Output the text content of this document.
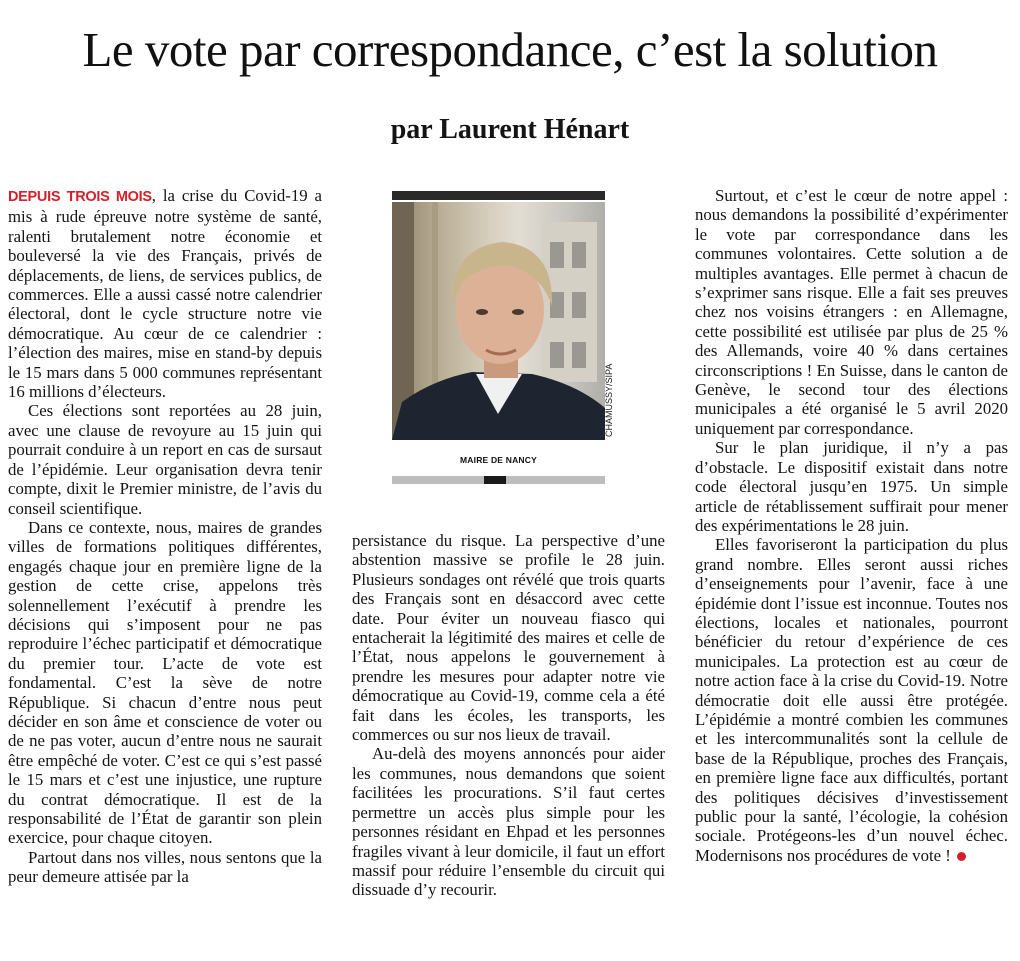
Le vote par correspondance, c’est la solution
par Laurent Hénart

DEPUIS TROIS MOIS, la crise du Covid-19 a mis à rude épreuve notre système de santé, ralenti brutalement notre économie et bouleversé la vie des Français, privés de déplacements, de liens, de services publics, de commerces. Elle a aussi cassé notre calendrier électoral, dont le cycle structure notre vie démocratique. Au cœur de ce calendrier : l’élection des maires, mise en stand-by depuis le 15 mars dans 5 000 communes représentant 16 millions d’électeurs.

Ces élections sont reportées au 28 juin, avec une clause de revoyure au 15 juin qui pourrait conduire à un report en cas de sursaut de l’épidémie. Leur organisation devra tenir compte, dixit le Premier ministre, de l’avis du conseil scientifique.

Dans ce contexte, nous, maires de grandes villes de formations politiques différentes, engagés chaque jour en première ligne de la gestion de cette crise, appelons très solennellement l’exécutif à prendre les décisions qui s’imposent pour ne pas reproduire l’échec participatif et démocratique du premier tour. L’acte de vote est fondamental. C’est la sève de notre République. Si chacun d’entre nous peut décider en son âme et conscience de voter ou de ne pas voter, aucun d’entre nous ne saurait être empêché de voter. C’est ce qui s’est passé le 15 mars et c’est une injustice, une rupture du contrat démocratique. Il est de la responsabilité de l’État de garantir son plein exercice, pour chaque citoyen.

Partout dans nos villes, nous sentons que la peur demeure attisée par la

CHAMUSSY/SIPA
MAIRE DE NANCY

persistance du risque. La perspective d’une abstention massive se profile le 28 juin. Plusieurs sondages ont révélé que trois quarts des Français sont en désaccord avec cette date. Pour éviter un nouveau fiasco qui entacherait la légitimité des maires et celle de l’État, nous appelons le gouvernement à prendre les mesures pour adapter notre vie démocratique au Covid-19, comme cela a été fait dans les écoles, les transports, les commerces ou sur nos lieux de travail.

Au-delà des moyens annoncés pour aider les communes, nous demandons que soient facilitées les procurations. S’il faut certes permettre un accès plus simple pour les personnes résidant en Ehpad et les personnes fragiles vivant à leur domicile, il faut un effort massif pour réduire l’ensemble du circuit qui dissuade d’y recourir.

Surtout, et c’est le cœur de notre appel : nous demandons la possibilité d’expérimenter le vote par correspondance dans les communes volontaires. Cette solution a de multiples avantages. Elle permet à chacun de s’exprimer sans risque. Elle a fait ses preuves chez nos voisins étrangers : en Allemagne, cette possibilité est utilisée par plus de 25 % des Allemands, voire 40 % dans certaines circonscriptions ! En Suisse, dans le canton de Genève, le second tour des élections municipales a été organisé le 5 avril 2020 uniquement par correspondance.

Sur le plan juridique, il n’y a pas d’obstacle. Le dispositif existait dans notre code électoral jusqu’en 1975. Un simple article de rétablissement suffirait pour mener des expérimentations le 28 juin.

Elles favoriseront la participation du plus grand nombre. Elles seront aussi riches d’enseignements pour l’avenir, face à une épidémie dont l’issue est inconnue. Toutes nos élections, locales et nationales, pourront bénéficier du retour d’expérience de ces municipales. La protection est au cœur de notre action face à la crise du Covid-19. Notre démocratie doit elle aussi être protégée. L’épidémie a montré combien les communes et les intercommunalités sont la cellule de base de la République, proches des Français, en première ligne face aux difficultés, portant des politiques décisives d’investissement public pour la santé, l’écologie, la cohésion sociale. Protégeons-les d’un nouvel échec. Modernisons nos procédures de vote !
